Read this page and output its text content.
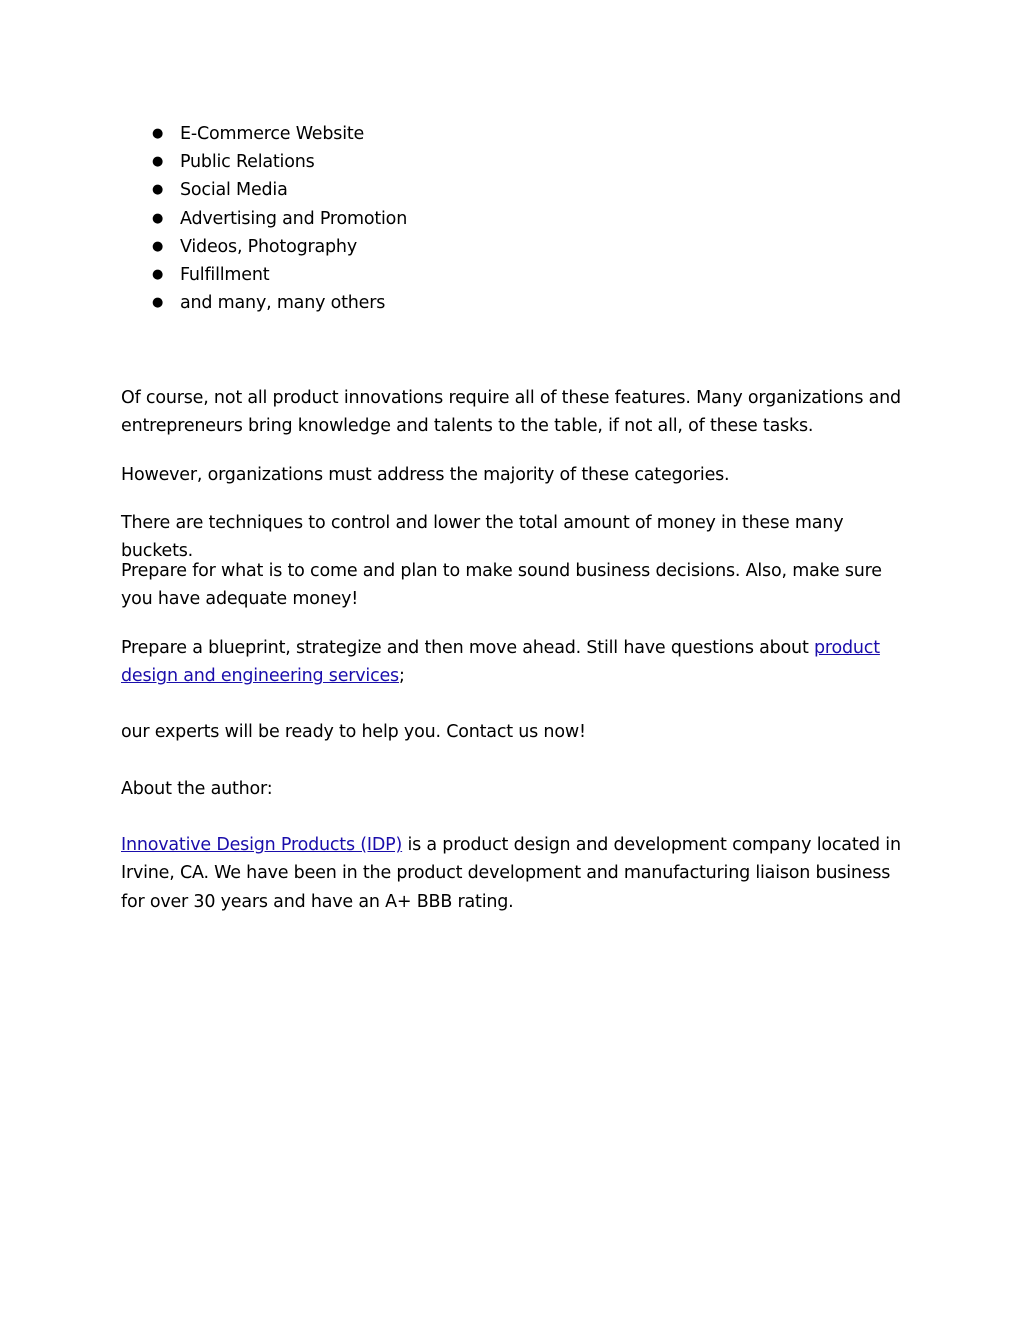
● E-Commerce Website
● Public Relations
● Social Media
● Advertising and Promotion
● Videos, Photography
● Fulfillment
● and many, many others

Of course, not all product innovations require all of these features. Many organizations and entrepreneurs bring knowledge and talents to the table, if not all, of these tasks.

However, organizations must address the majority of these categories.

There are techniques to control and lower the total amount of money in these many buckets.

Prepare for what is to come and plan to make sound business decisions. Also, make sure you have adequate money!

Prepare a blueprint, strategize and then move ahead. Still have questions about product design and engineering services;

our experts will be ready to help you. Contact us now!

About the author:

Innovative Design Products (IDP) is a product design and development company located in Irvine, CA. We have been in the product development and manufacturing liaison business for over 30 years and have an A+ BBB rating.
